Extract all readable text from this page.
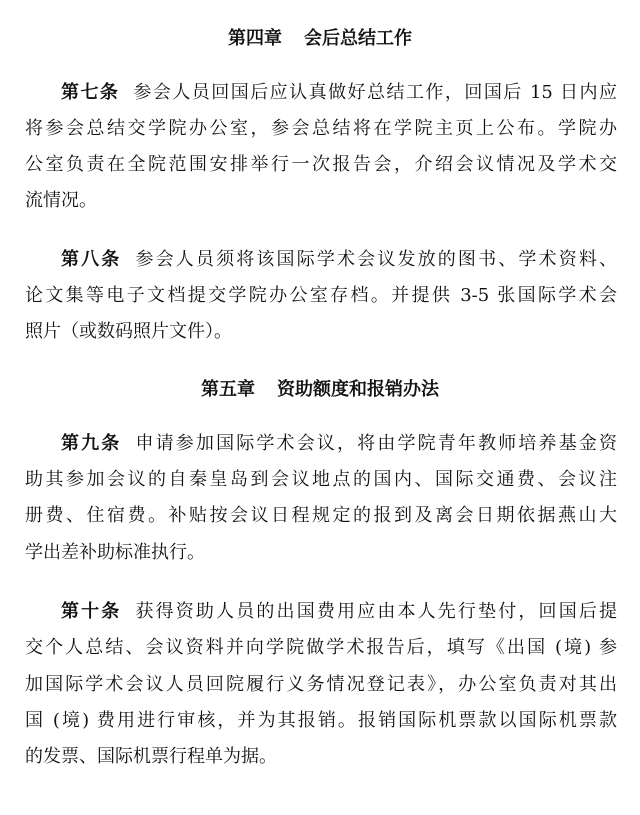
第四章 会后总结工作
第七条 参会人员回国后应认真做好总结工作，回国后 15 日内应
将参会总结交学院办公室，参会总结将在学院主页上公布。学院办
公室负责在全院范围安排举行一次报告会，介绍会议情况及学术交
流情况。
第八条 参会人员须将该国际学术会议发放的图书、学术资料、
论文集等电子文档提交学院办公室存档。并提供 3-5 张国际学术会
照片（或数码照片文件）。
第五章 资助额度和报销办法
第九条 申请参加国际学术会议，将由学院青年教师培养基金资
助其参加会议的自秦皇岛到会议地点的国内、国际交通费、会议注
册费、住宿费。补贴按会议日程规定的报到及离会日期依据燕山大
学出差补助标准执行。
第十条 获得资助人员的出国费用应由本人先行垫付，回国后提
交个人总结、会议资料并向学院做学术报告后，填写《出国 (境) 参
加国际学术会议人员回院履行义务情况登记表》，办公室负责对其出
国 (境) 费用进行审核，并为其报销。报销国际机票款以国际机票款
的发票、国际机票行程单为据。
